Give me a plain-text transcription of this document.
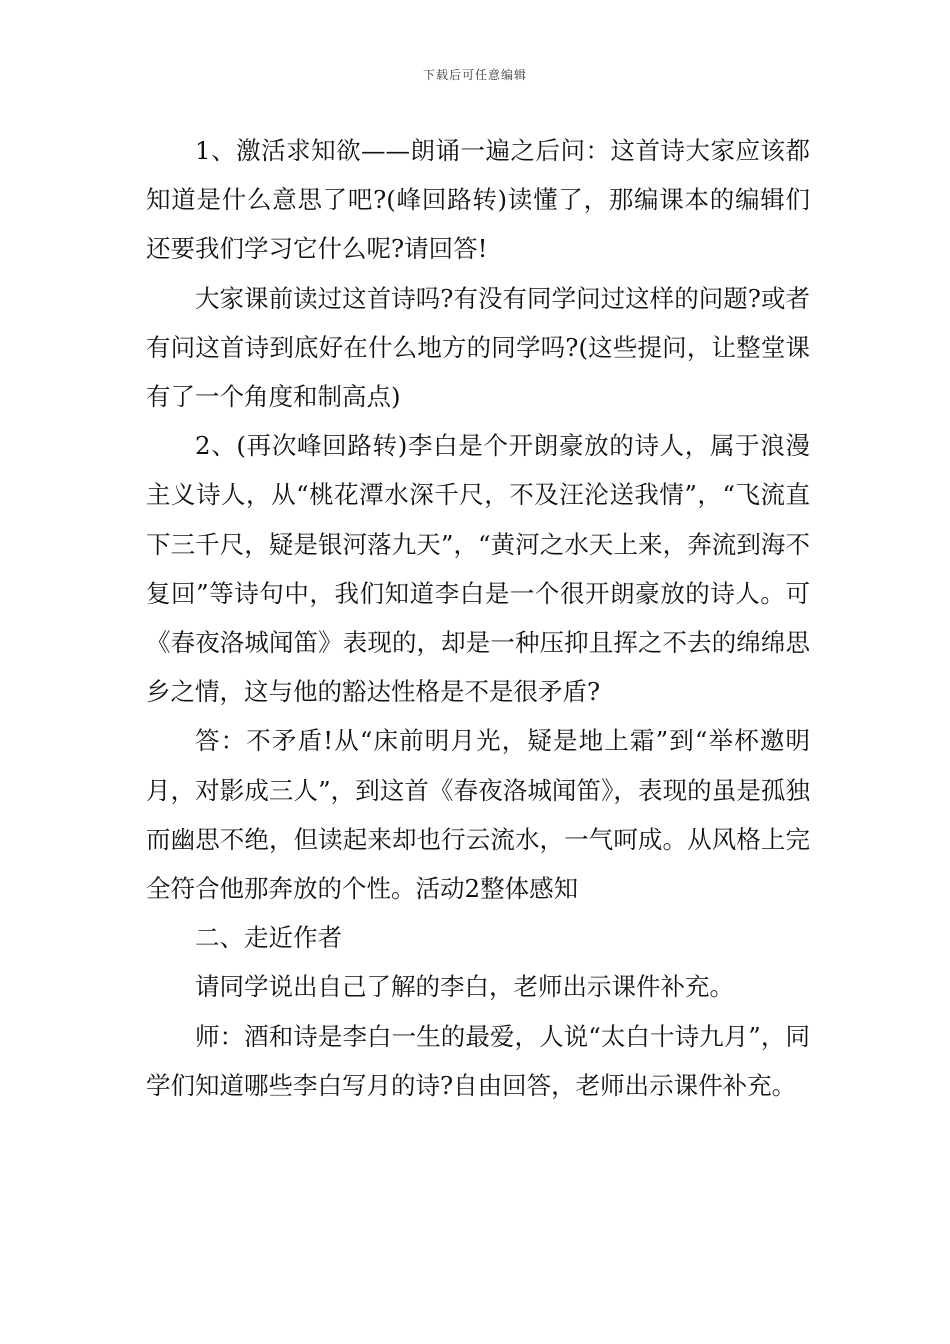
下载后可任意编辑

1、激活求知欲——朗诵一遍之后问：这首诗大家应该都知道是什么意思了吧?(峰回路转)读懂了，那编课本的编辑们还要我们学习它什么呢?请回答!

大家课前读过这首诗吗?有没有同学问过这样的问题?或者有问这首诗到底好在什么地方的同学吗?(这些提问，让整堂课有了一个角度和制高点)

2、(再次峰回路转)李白是个开朗豪放的诗人，属于浪漫主义诗人，从“桃花潭水深千尺，不及汪沦送我情”，“飞流直下三千尺，疑是银河落九天”，“黄河之水天上来，奔流到海不复回”等诗句中，我们知道李白是一个很开朗豪放的诗人。可《春夜洛城闻笛》表现的，却是一种压抑且挥之不去的绵绵思乡之情，这与他的豁达性格是不是很矛盾?

答：不矛盾!从“床前明月光，疑是地上霜”到“举杯邀明月，对影成三人”，到这首《春夜洛城闻笛》，表现的虽是孤独而幽思不绝，但读起来却也行云流水，一气呵成。从风格上完全符合他那奔放的个性。活动2整体感知

二、走近作者

请同学说出自己了解的李白，老师出示课件补充。

师：酒和诗是李白一生的最爱，人说“太白十诗九月”，同学们知道哪些李白写月的诗?自由回答，老师出示课件补充。
